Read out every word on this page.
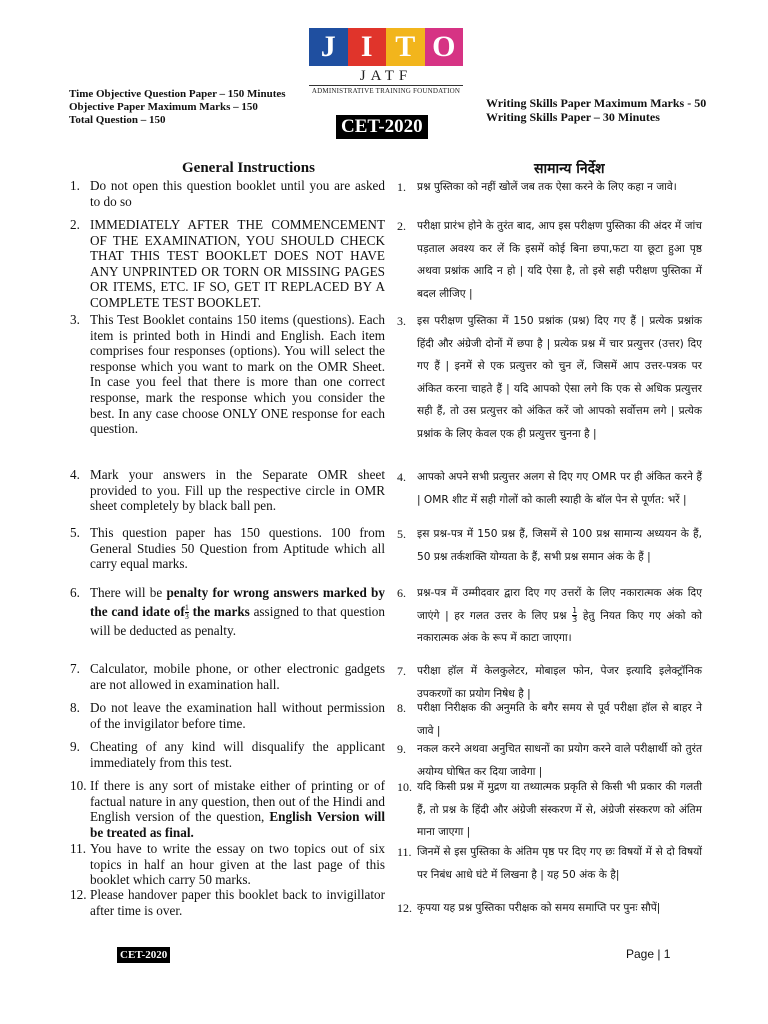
J I T O
JATF
ADMINISTRATIVE TRAINING FOUNDATION
Time Objective Question Paper – 150 Minutes
Objective Paper Maximum Marks – 150
Total Question – 150
Writing Skills Paper Maximum Marks - 50
Writing Skills Paper – 30 Minutes
CET-2020
General Instructions	सामान्य निर्देश
1. Do not open this question booklet until you are asked to do so
2. IMMEDIATELY AFTER THE COMMENCEMENT OF THE EXAMINATION, YOU SHOULD CHECK THAT THIS TEST BOOKLET DOES NOT HAVE ANY UNPRINTED OR TORN OR MISSING PAGES OR ITEMS, ETC. IF SO, GET IT REPLACED BY A COMPLETE TEST BOOKLET.
3. This Test Booklet contains 150 items (questions). Each item is printed both in Hindi and English. Each item comprises four responses (options). You will select the response which you want to mark on the OMR Sheet. In case you feel that there is more than one correct response, mark the response which you consider the best. In any case choose ONLY ONE response for each question.
4. Mark your answers in the Separate OMR sheet provided to you. Fill up the respective circle in OMR sheet completely by black ball pen.
5. This question paper has 150 questions. 100 from General Studies 50 Question from Aptitude which all carry equal marks.
6. There will be penalty for wrong answers marked by the cand idate of $\frac{1}{3}$ the marks assigned to that question will be deducted as penalty.
7. Calculator, mobile phone, or other electronic gadgets are not allowed in examination hall.
8. Do not leave the examination hall without permission of the invigilator before time.
9. Cheating of any kind will disqualify the applicant immediately from this test.
10. If there is any sort of mistake either of printing or of factual nature in any question, then out of the Hindi and English version of the question, English Version will be treated as final.
11. You have to write the essay on two topics out of six topics in half an hour given at the last page of this booklet which carry 50 marks.
12. Please handover paper this booklet back to invigillator after time is over.
1. प्रश्न पुस्तिका को नहीं खोलें जब तक ऐसा करने के लिए कहा न जावे।
2. परीक्षा प्रारंभ होने के तुरंत बाद, आप इस परीक्षण पुस्तिका की अंदर में जांच पड़ताल अवश्य कर लें कि इसमें कोई बिना छपा,फटा या छूटा हुआ पृष्ठ अथवा प्रश्नांक आदि न हो | यदि ऐसा है, तो इसे सही परीक्षण पुस्तिका में बदल लीजिए |
3. इस परीक्षण पुस्तिका में 150 प्रश्नांक (प्रश्न) दिए गए हैं | प्रत्येक प्रश्नांक हिंदी और अंग्रेजी दोनों में छपा है | प्रत्येक प्रश्न में चार प्रत्युत्तर (उत्तर) दिए गए हैं | इनमें से एक प्रत्युत्तर को चुन लें, जिसमें आप उत्तर-पत्रक पर अंकित करना चाहते हैं | यदि आपको ऐसा लगे कि एक से अधिक प्रत्युत्तर सही हैं, तो उस प्रत्युत्तर को अंकित करें जो आपको सर्वोत्तम लगे | प्रत्येक प्रश्नांक के लिए केवल एक ही प्रत्युत्तर चुनना है |
4. आपको अपने सभी प्रत्युत्तर अलग से दिए गए OMR पर ही अंकित करने हैं | OMR शीट में सही गोलों को काली स्याही के बॉल पेन से पूर्णत: भरें |
5. इस प्रश्न-पत्र में 150 प्रश्न हैं, जिसमें से 100 प्रश्न सामान्य अध्ययन के हैं, 50 प्रश्न तर्कशक्ति योग्यता के हैं, सभी प्रश्न समान अंक के हैं |
6. प्रश्न-पत्र में उम्मीदवार द्वारा दिए गए उत्तरों के लिए नकारात्मक अंक दिए जाएंगे | हर गलत उत्तर के लिए प्रश्न $\frac{1}{3}$ हेतु नियत किए गए अंको को नकारात्मक अंक के रूप में काटा जाएगा।
7. परीक्षा हॉल में केलकुलेटर, मोबाइल फोन, पेजर इत्यादि इलेक्ट्रॉनिक उपकरणों का प्रयोग निषेध है |
8. परीक्षा निरीक्षक की अनुमति के बगैर समय से पूर्व परीक्षा हॉल से बाहर ने जावे |
9. नकल करने अथवा अनुचित साधनों का प्रयोग करने वाले परीक्षार्थी को तुरंत अयोग्य घोषित कर दिया जावेगा |
10. यदि किसी प्रश्न में मुद्रण या तथ्यात्मक प्रकृति से किसी भी प्रकार की गलती हैं, तो प्रश्न के हिंदी और अंग्रेजी संस्करण में से, अंग्रेजी संस्करण को अंतिम माना जाएगा |
11. जिनमें से इस पुस्तिका के अंतिम पृष्ठ पर दिए गए छः विषयों में से दो विषयों पर निबंध आधे घंटे में लिखना है | यह 50 अंक के है|
12. कृपया यह प्रश्न पुस्तिका परीक्षक को समय समाप्ति पर पुनः सौपें|
CET-2020	Page | 1
